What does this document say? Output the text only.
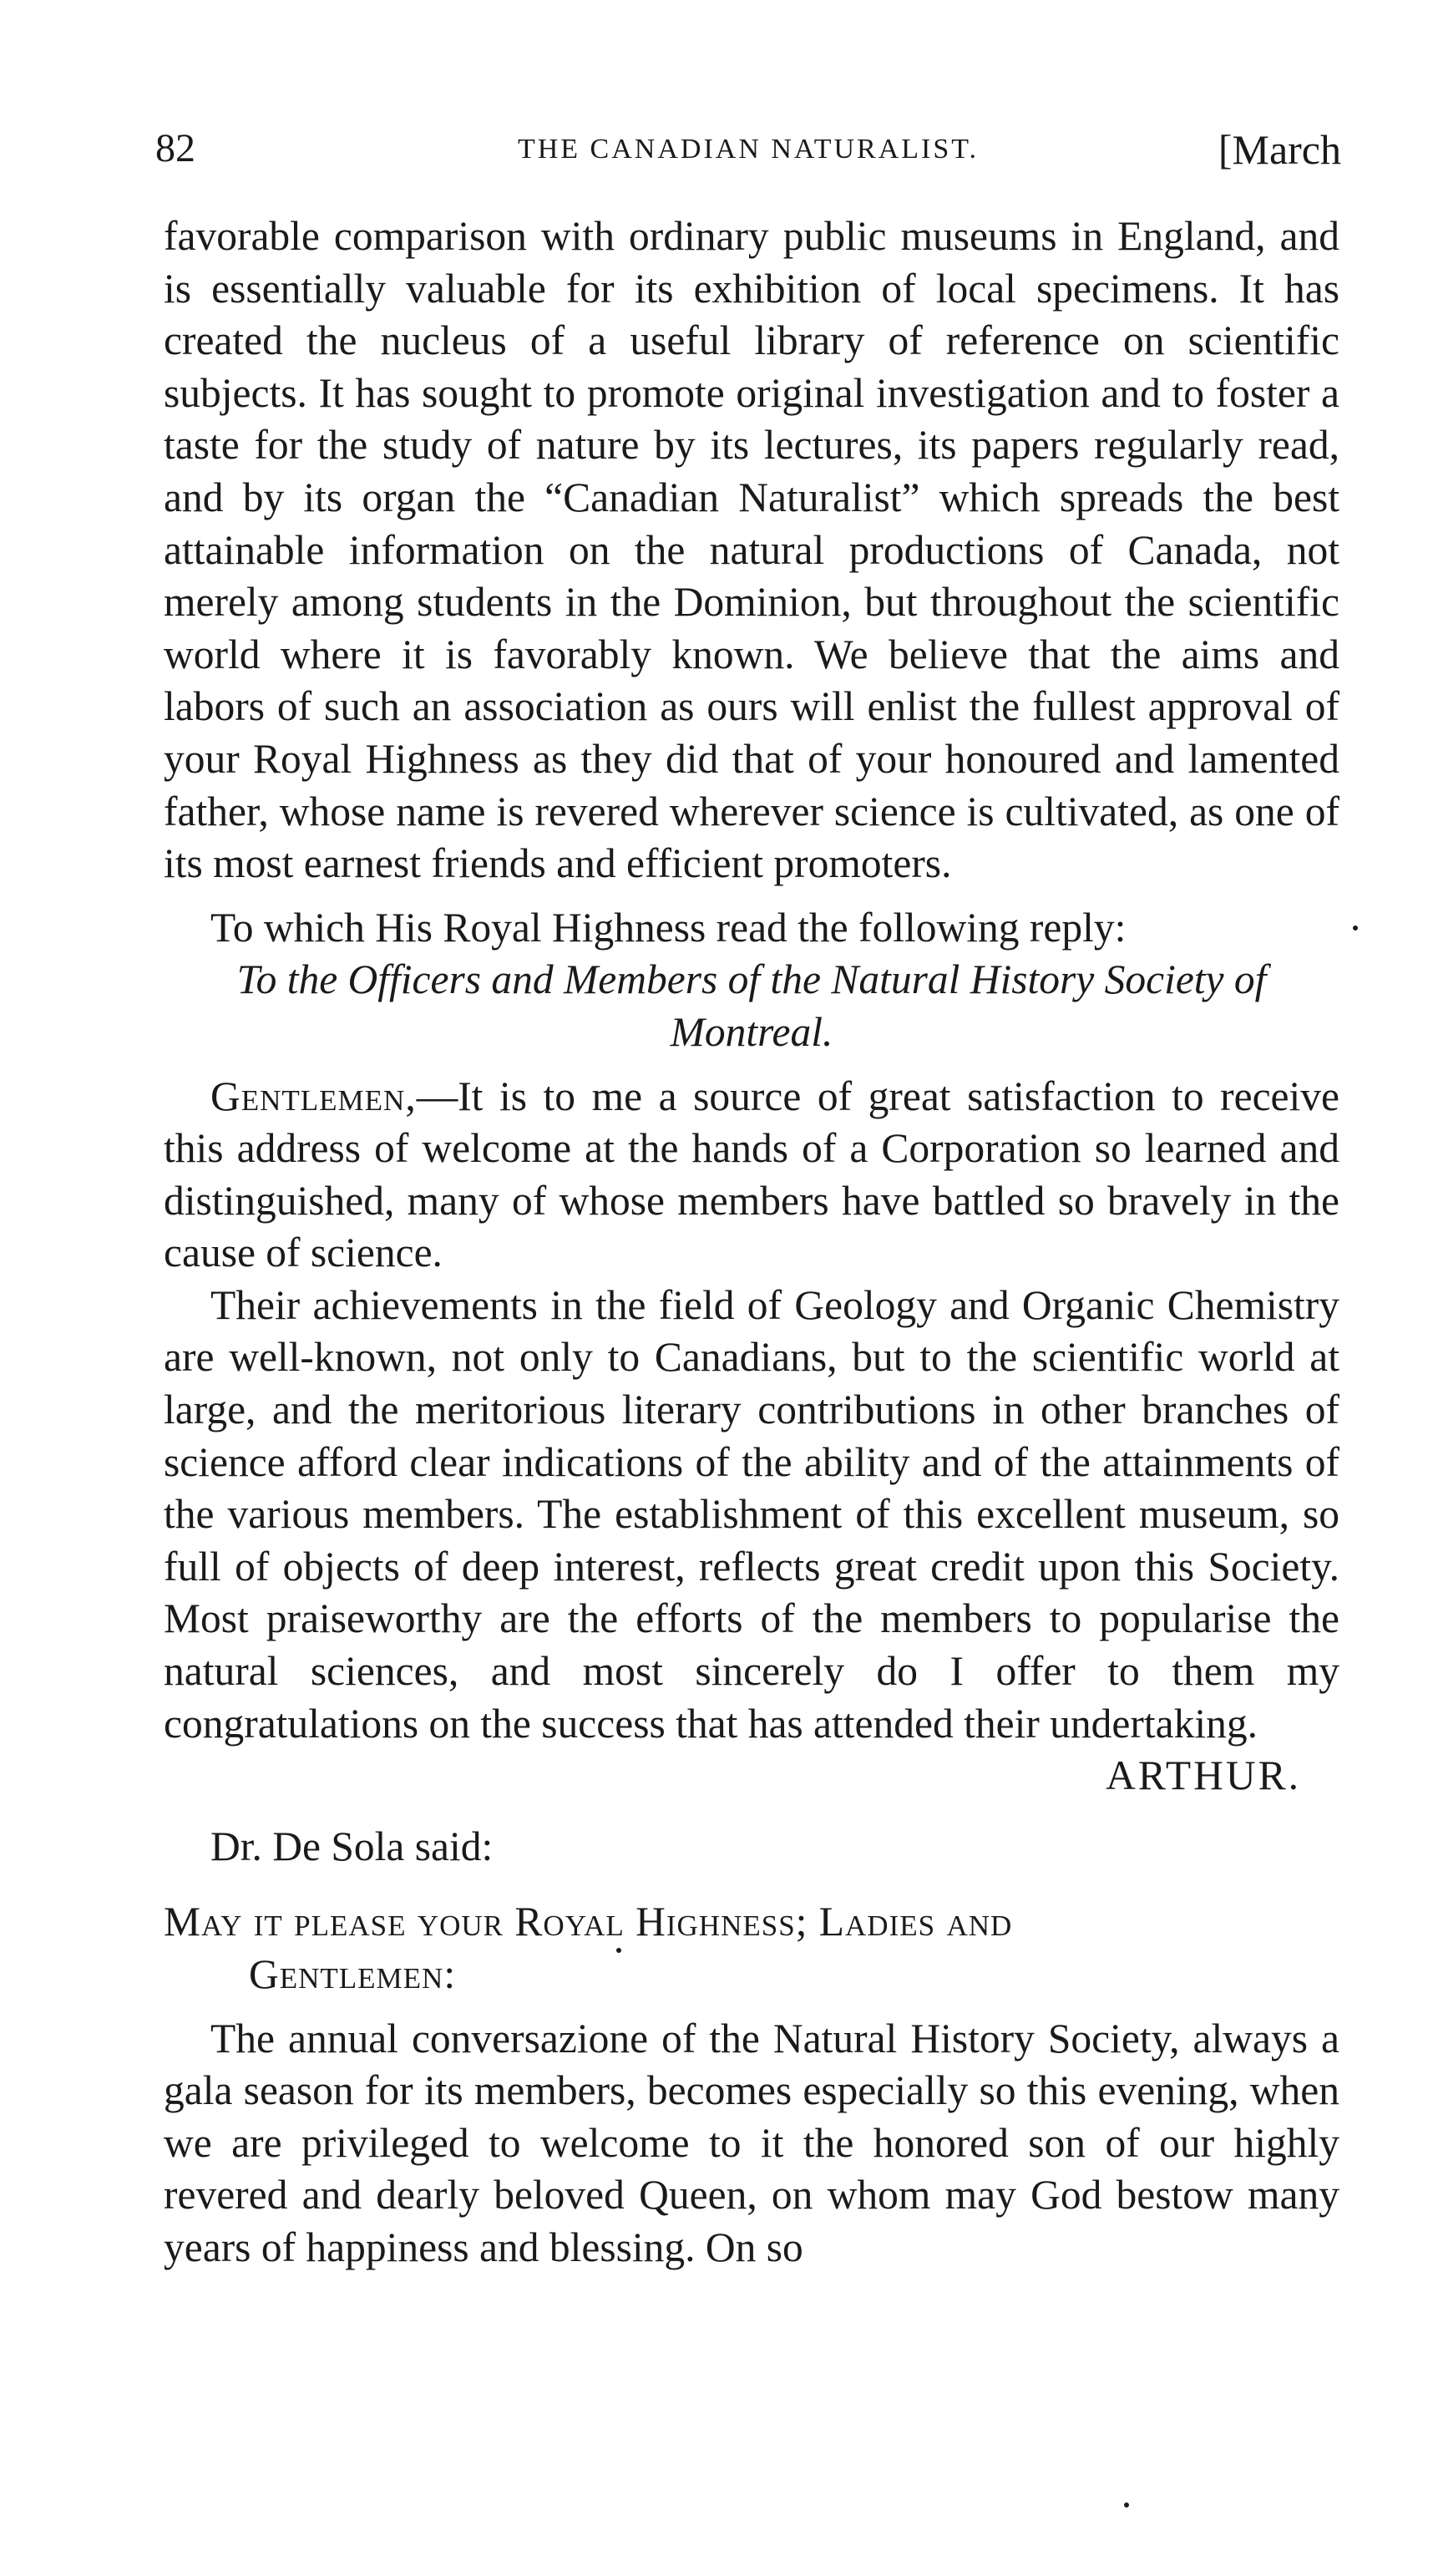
82	THE CANADIAN NATURALIST.	[March

favorable comparison with ordinary public museums in England, and is essentially valuable for its exhibition of local specimens. It has created the nucleus of a useful library of reference on scientific subjects. It has sought to promote original investigation and to foster a taste for the study of nature by its lectures, its papers regularly read, and by its organ the “Canadian Naturalist” which spreads the best attainable information on the natural productions of Canada, not merely among students in the Dominion, but throughout the scientific world where it is favorably known. We believe that the aims and labors of such an association as ours will enlist the fullest approval of your Royal Highness as they did that of your honoured and lamented father, whose name is revered wherever science is cultivated, as one of its most earnest friends and efficient promoters.

To which His Royal Highness read the following reply:

To the Officers and Members of the Natural History Society of Montreal.

Gentlemen,—It is to me a source of great satisfaction to receive this address of welcome at the hands of a Corporation so learned and distinguished, many of whose members have battled so bravely in the cause of science.

Their achievements in the field of Geology and Organic Chemistry are well-known, not only to Canadians, but to the scientific world at large, and the meritorious literary contributions in other branches of science afford clear indications of the ability and of the attainments of the various members. The establishment of this excellent museum, so full of objects of deep interest, reflects great credit upon this Society. Most praiseworthy are the efforts of the members to popularise the natural sciences, and most sincerely do I offer to them my congratulations on the success that has attended their undertaking.

ARTHUR.

Dr. De Sola said:

May it please your Royal Highness; Ladies and

Gentlemen:

The annual conversazione of the Natural History Society, always a gala season for its members, becomes especially so this evening, when we are privileged to welcome to it the honored son of our highly revered and dearly beloved Queen, on whom may God bestow many years of happiness and blessing. On so
